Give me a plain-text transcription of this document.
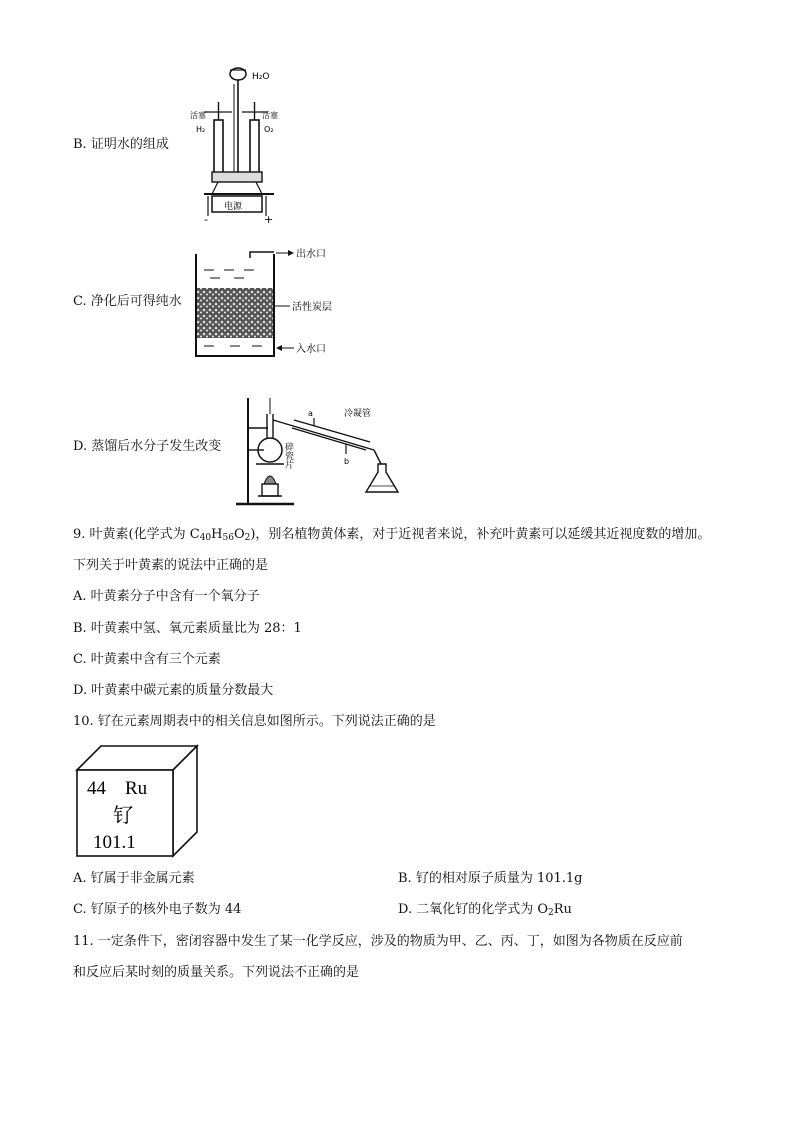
B. 证明水的组成
电源
-	+
H₂O
活塞	活塞
H₂	O₂
C. 净化后可得纯水
出水口
活性炭层
入水口
D. 蒸馏后水分子发生改变
冷凝管
a
b
碎瓷片
9. 叶黄素(化学式为 $C_{40}H_{56}O_2$)，别名植物黄体素，对于近视者来说，补充叶黄素可以延缓其近视度数的增加。
下列关于叶黄素的说法中正确的是
A. 叶黄素分子中含有一个氧分子
B. 叶黄素中氢、氧元素质量比为 28：1
C. 叶黄素中含有三个元素
D. 叶黄素中碳元素的质量分数最大
10. 钌在元素周期表中的相关信息如图所示。下列说法正确的是
44 Ru
钌
101.1
A. 钌属于非金属元素	B. 钌的相对原子质量为 101.1g
C. 钌原子的核外电子数为 44	D. 二氧化钌的化学式为 $O_2Ru$
11. 一定条件下，密闭容器中发生了某一化学反应，涉及的物质为甲、乙、丙、丁，如图为各物质在反应前
和反应后某时刻的质量关系。下列说法不正确的是
